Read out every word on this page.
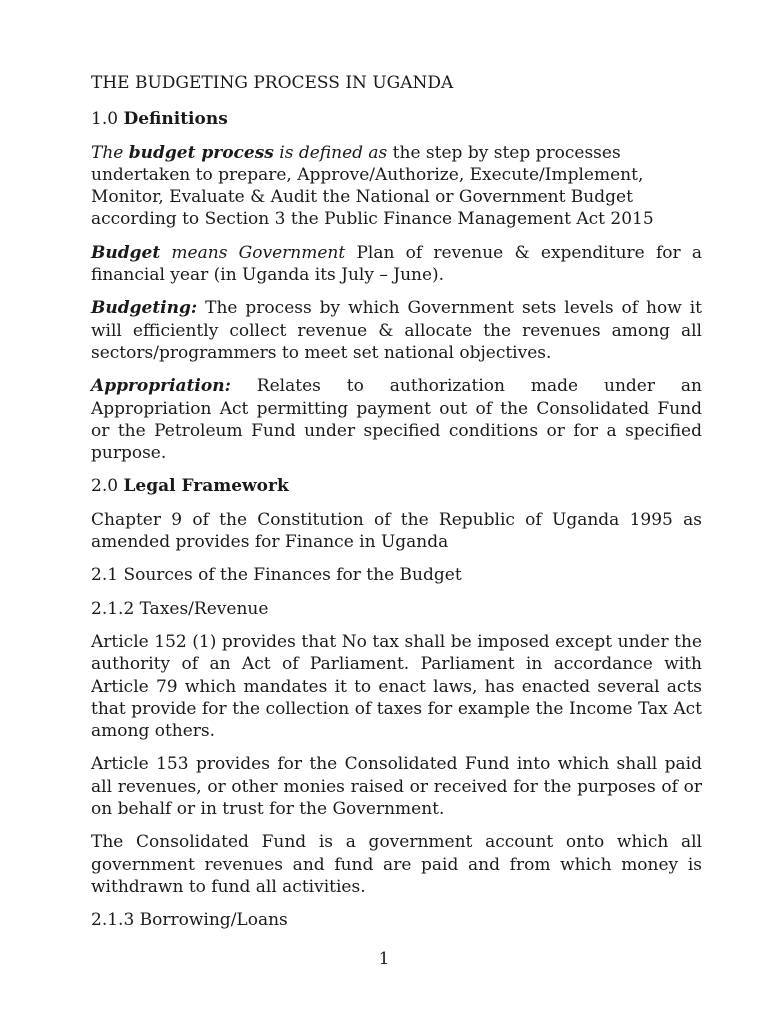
THE BUDGETING PROCESS IN UGANDA

1.0 Definitions

The budget process is defined as the step by step processes undertaken to prepare, Approve/Authorize, Execute/Implement, Monitor, Evaluate & Audit the National or Government Budget according to Section 3 the Public Finance Management Act 2015

Budget means Government Plan of revenue & expenditure for a financial year (in Uganda its July – June).

Budgeting: The process by which Government sets levels of how it will efficiently collect revenue & allocate the revenues among all sectors/programmers to meet set national objectives.

Appropriation: Relates to authorization made under an Appropriation Act permitting payment out of the Consolidated Fund or the Petroleum Fund under specified conditions or for a specified purpose.

2.0 Legal Framework

Chapter 9 of the Constitution of the Republic of Uganda 1995 as amended provides for Finance in Uganda

2.1 Sources of the Finances for the Budget

2.1.2 Taxes/Revenue

Article 152 (1) provides that No tax shall be imposed except under the authority of an Act of Parliament. Parliament in accordance with Article 79 which mandates it to enact laws, has enacted several acts that provide for the collection of taxes for example the Income Tax Act among others.

Article 153 provides for the Consolidated Fund into which shall paid all revenues, or other monies raised or received for the purposes of or on behalf or in trust for the Government.

The Consolidated Fund is a government account onto which all government revenues and fund are paid and from which money is withdrawn to fund all activities.

2.1.3 Borrowing/Loans

1
